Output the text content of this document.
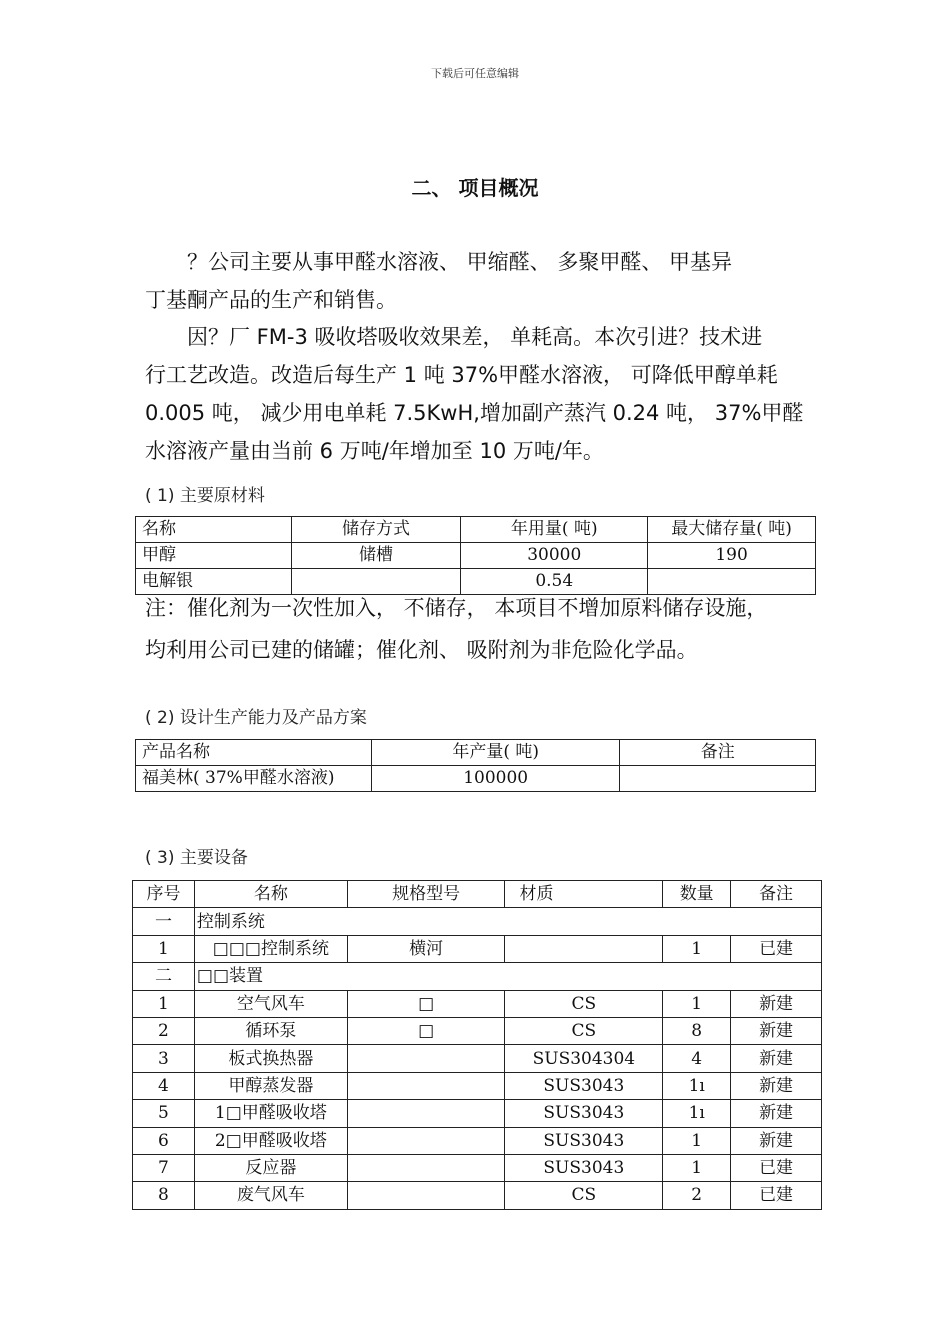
下载后可任意编辑
二、 项目概况
？公司主要从事甲醛水溶液、 甲缩醛、 多聚甲醛、 甲基异
丁基酮产品的生产和销售。
因？厂 FM-3 吸收塔吸收效果差， 单耗高。本次引进？技术进
行工艺改造。改造后每生产 1 吨 37%甲醛水溶液， 可降低甲醇单耗
0.005 吨， 减少用电单耗 7.5KwH,增加副产蒸汽 0.24 吨， 37%甲醛
水溶液产量由当前 6 万吨/年增加至 10 万吨/年。
( 1) 主要原材料
名称	储存方式	年用量( 吨)	最大储存量( 吨)
甲醇	储槽	30000	190
电解银		0.54	
注：催化剂为一次性加入， 不储存， 本项目不增加原料储存设施，
均利用公司已建的储罐；催化剂、 吸附剂为非危险化学品。
( 2) 设计生产能力及产品方案
产品名称	年产量( 吨)	备注
福美林( 37%甲醛水溶液)	100000	
( 3) 主要设备
序号	名称	规格型号	材质	数量	备注
一	控制系统				
1	□□□控制系统	横河		1	已建
二	□□装置				
1	空气风车	□	CS	1	新建
2	循环泵	□	CS	8	新建
3	板式换热器		SUS304304	4	新建
4	甲醇蒸发器		SUS3043	1ı	新建
5	1□甲醛吸收塔		SUS3043	1ı	新建
6	2□甲醛吸收塔		SUS3043	1	新建
7	反应器		SUS3043	1	已建
8	废气风车		CS	2	已建
